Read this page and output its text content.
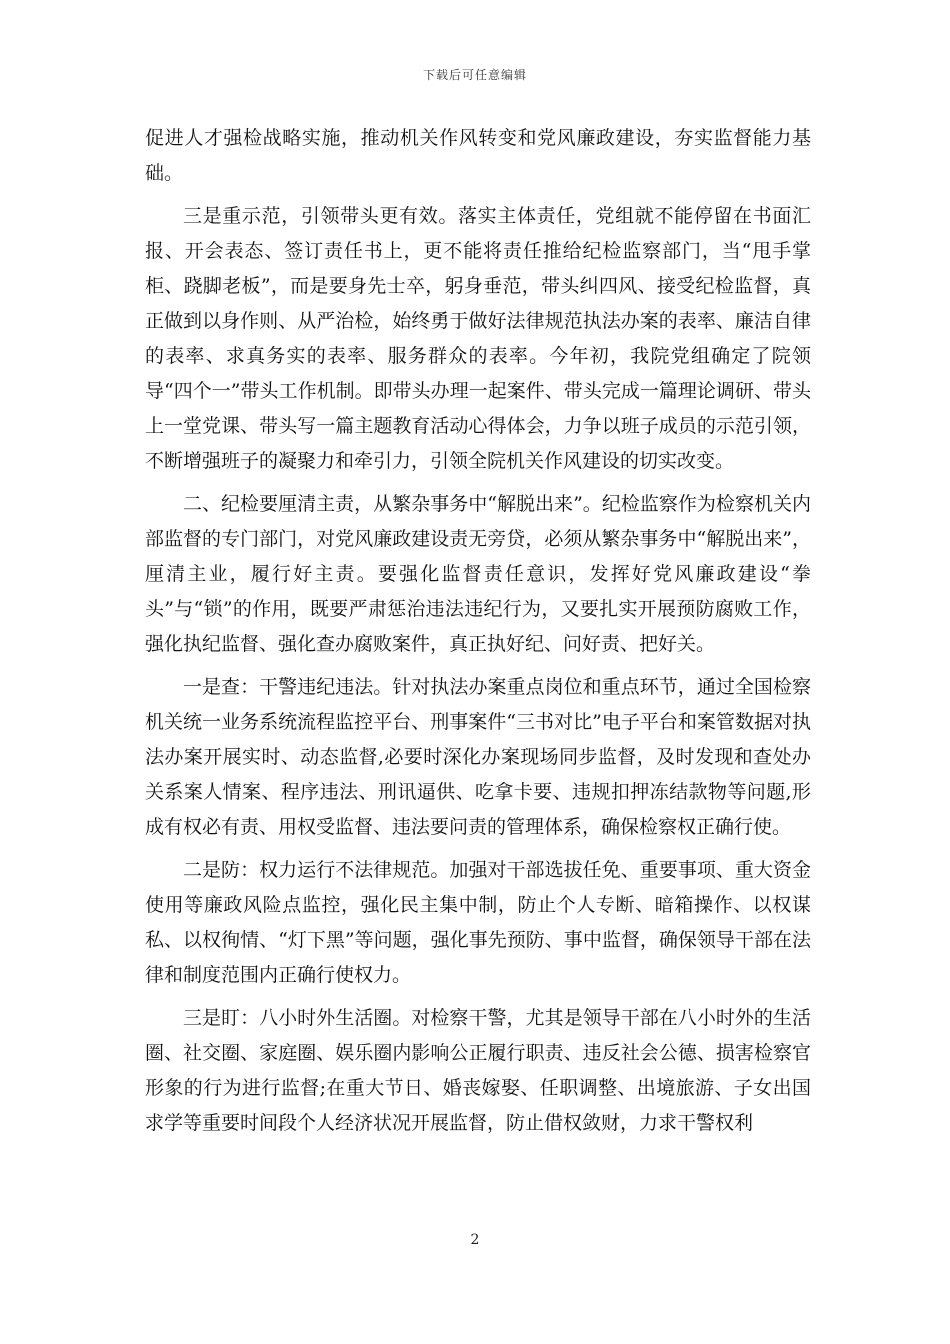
下载后可任意编辑

促进人才强检战略实施，推动机关作风转变和党风廉政建设，夯实监督能力基础。

三是重示范，引领带头更有效。落实主体责任，党组就不能停留在书面汇报、开会表态、签订责任书上，更不能将责任推给纪检监察部门，当“甩手掌柜、跷脚老板”，而是要身先士卒，躬身垂范，带头纠四风、接受纪检监督，真正做到以身作则、从严治检，始终勇于做好法律规范执法办案的表率、廉洁自律的表率、求真务实的表率、服务群众的表率。今年初，我院党组确定了院领导“四个一”带头工作机制。即带头办理一起案件、带头完成一篇理论调研、带头上一堂党课、带头写一篇主题教育活动心得体会，力争以班子成员的示范引领，不断增强班子的凝聚力和牵引力，引领全院机关作风建设的切实改变。

二、纪检要厘清主责，从繁杂事务中“解脱出来”。纪检监察作为检察机关内部监督的专门部门，对党风廉政建设责无旁贷，必须从繁杂事务中“解脱出来”，厘清主业，履行好主责。要强化监督责任意识，发挥好党风廉政建设“拳头”与“锁”的作用，既要严肃惩治违法违纪行为，又要扎实开展预防腐败工作，强化执纪监督、强化查办腐败案件，真正执好纪、问好责、把好关。

一是查：干警违纪违法。针对执法办案重点岗位和重点环节，通过全国检察机关统一业务系统流程监控平台、刑事案件“三书对比”电子平台和案管数据对执法办案开展实时、动态监督,必要时深化办案现场同步监督，及时发现和查处办关系案人情案、程序违法、刑讯逼供、吃拿卡要、违规扣押冻结款物等问题,形成有权必有责、用权受监督、违法要问责的管理体系，确保检察权正确行使。

二是防：权力运行不法律规范。加强对干部选拔任免、重要事项、重大资金使用等廉政风险点监控，强化民主集中制，防止个人专断、暗箱操作、以权谋私、以权徇情、“灯下黑”等问题，强化事先预防、事中监督，确保领导干部在法律和制度范围内正确行使权力。

三是盯：八小时外生活圈。对检察干警，尤其是领导干部在八小时外的生活圈、社交圈、家庭圈、娱乐圈内影响公正履行职责、违反社会公德、损害检察官形象的行为进行监督;在重大节日、婚丧嫁娶、任职调整、出境旅游、子女出国求学等重要时间段个人经济状况开展监督，防止借权敛财，力求干警权利

2
